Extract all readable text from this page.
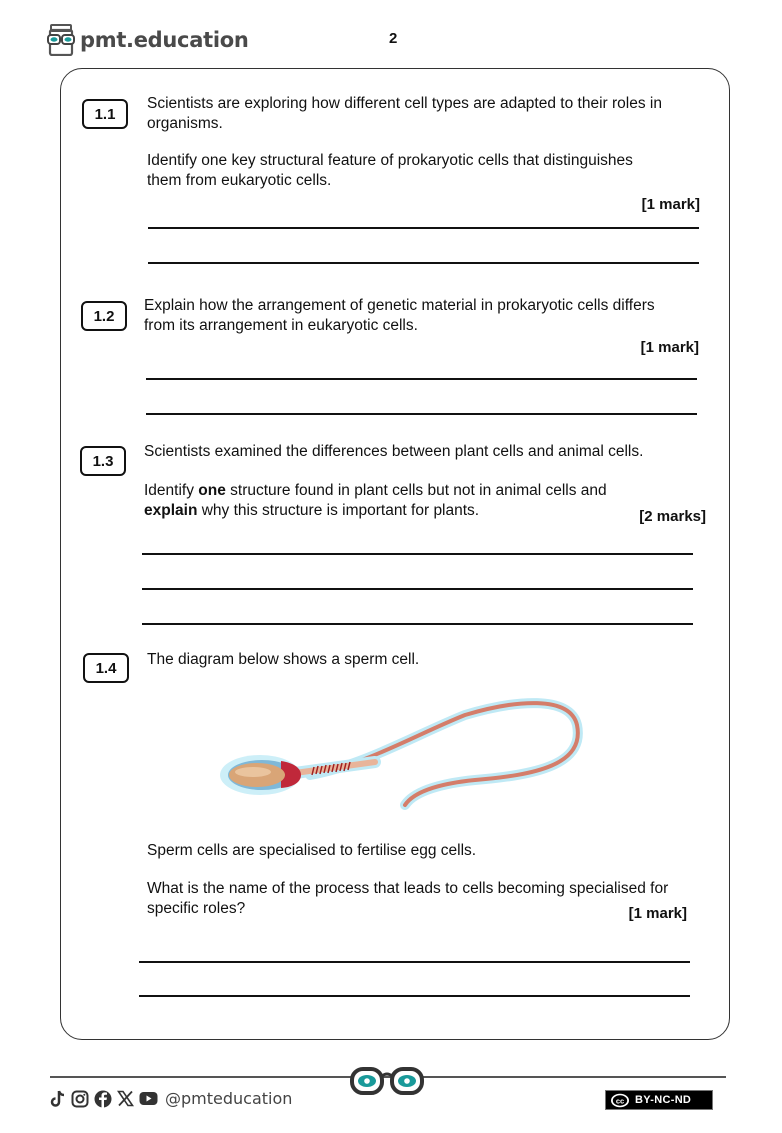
pmt.education	2
1.1
Scientists are exploring how different cell types are adapted to their roles in organisms.
Identify one key structural feature of prokaryotic cells that distinguishes them from eukaryotic cells.
[1 mark]
1.2
Explain how the arrangement of genetic material in prokaryotic cells differs from its arrangement in eukaryotic cells.
[1 mark]
1.3
Scientists examined the differences between plant cells and animal cells.
Identify one structure found in plant cells but not in animal cells and explain why this structure is important for plants.	[2 marks]
1.4	The diagram below shows a sperm cell.
Sperm cells are specialised to fertilise egg cells.
What is the name of the process that leads to cells becoming specialised for specific roles?	[1 mark]
@pmteducation	cc BY-NC-ND
